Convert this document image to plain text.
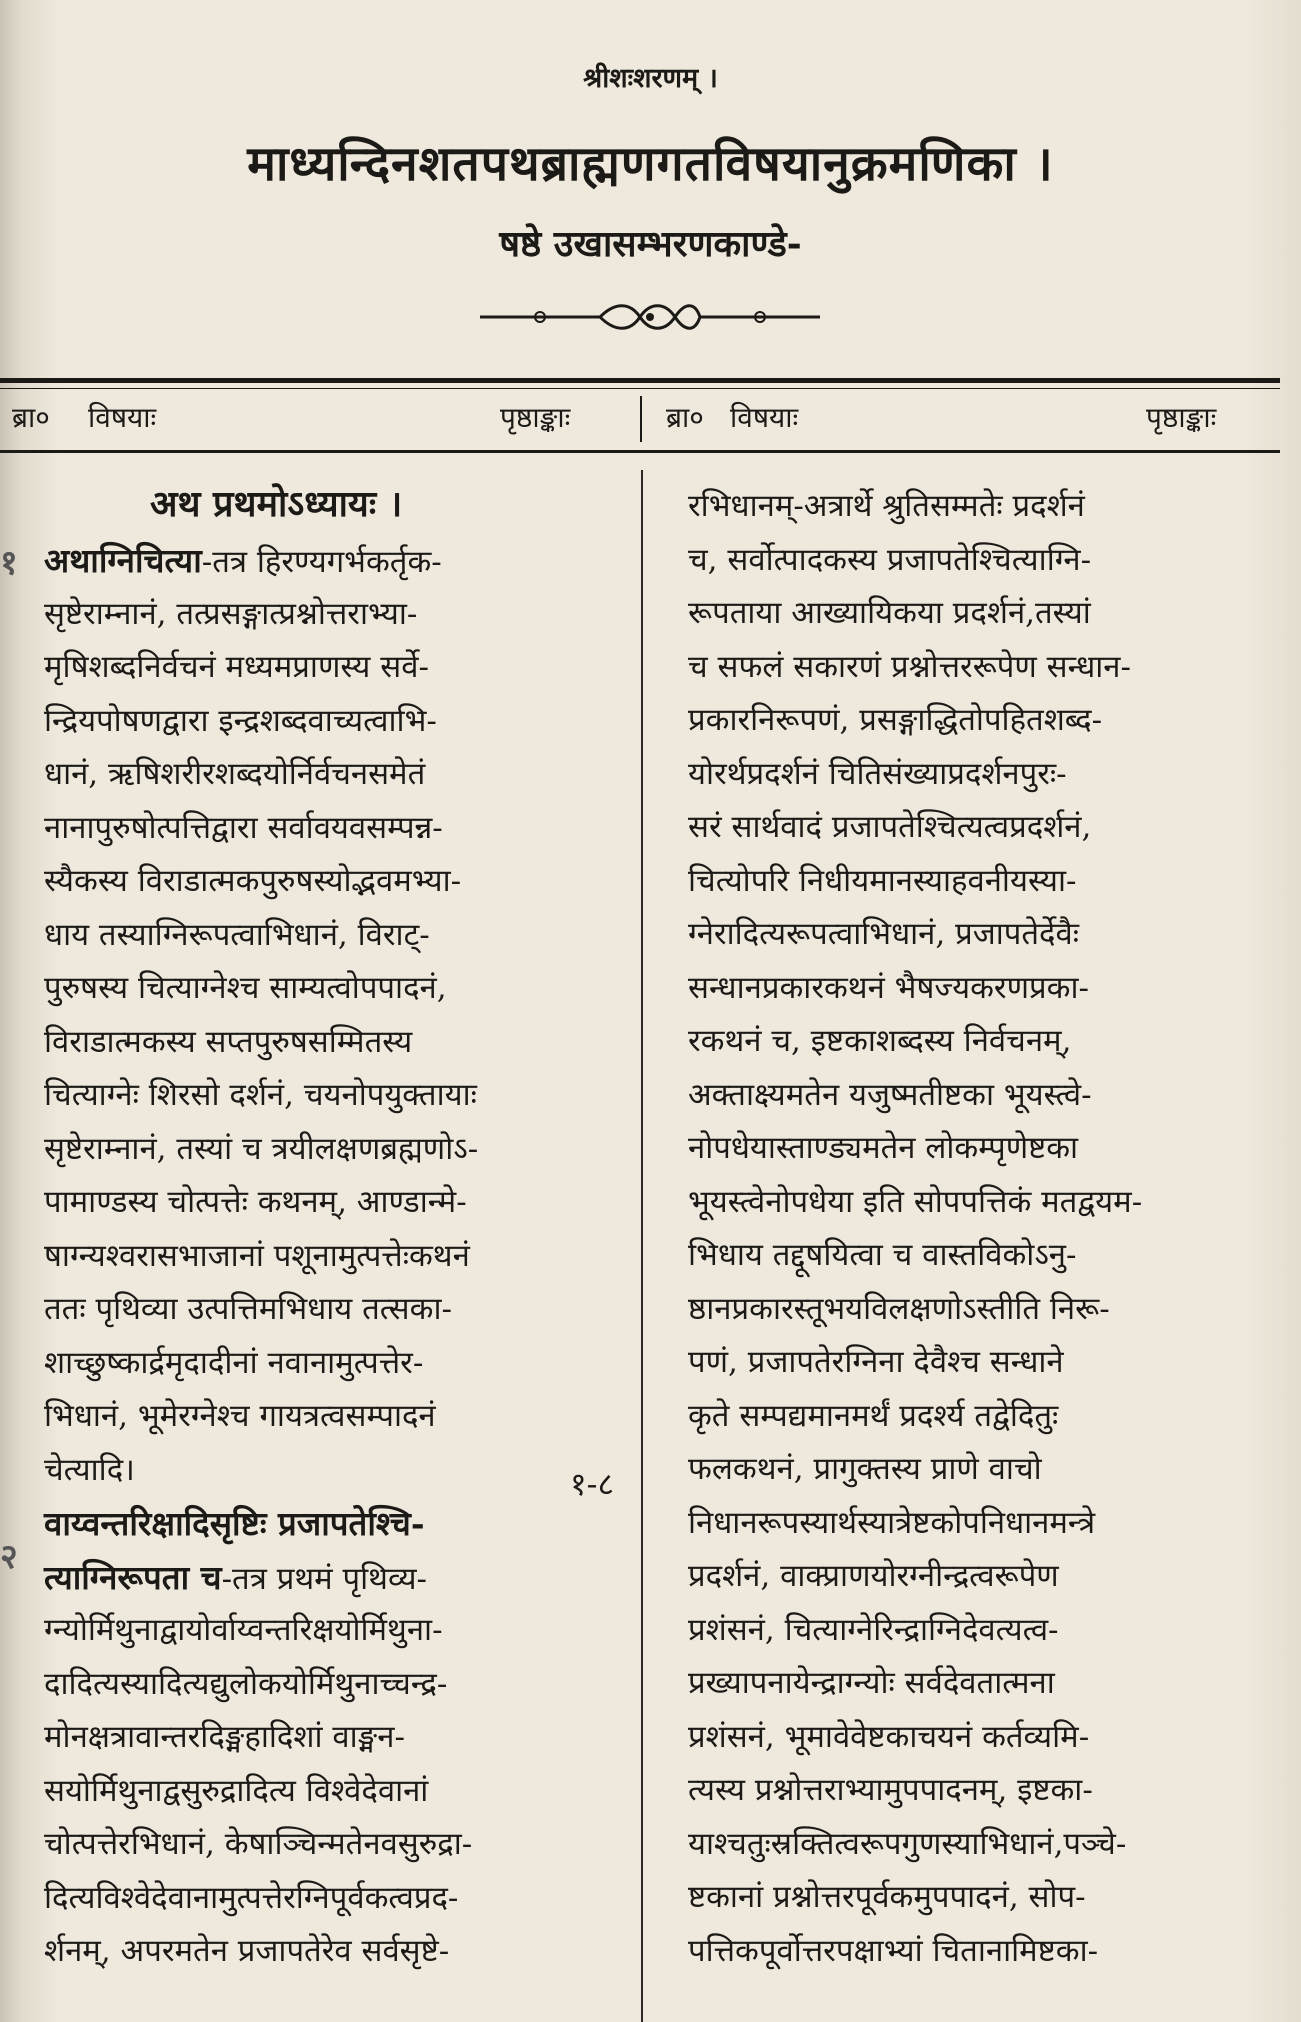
श्रीशःशरणम् ।
माध्यन्दिनशतपथब्राह्मणगतविषयानुक्रमणिका ।
षष्ठे उखासम्भरणकाण्डे-
ब्रा० विषयाः	पृष्ठाङ्काः	ब्रा० विषयाः	पृष्ठाङ्काः
अथ प्रथमोऽध्यायः ।
१ अथाग्निचित्या-तत्र हिरण्यगर्भकर्तृक-
सृष्टेराम्नानं, तत्प्रसङ्गात्प्रश्नोत्तराभ्या-
मृषिशब्दनिर्वचनं मध्यमप्राणस्य सर्वे-
न्द्रियपोषणद्वारा इन्द्रशब्दवाच्यत्वाभि-
धानं, ऋषिशरीरशब्दयोर्निर्वचनसमेतं
नानापुरुषोत्पत्तिद्वारा सर्वावयवसम्पन्न-
स्यैकस्य विराडात्मकपुरुषस्योद्भवमभ्या-
धाय तस्याग्निरूपत्वाभिधानं, विराट्-
पुरुषस्य चित्याग्नेश्च साम्यत्वोपपादनं,
विराडात्मकस्य सप्तपुरुषसम्मितस्य
चित्याग्नेः शिरसो दर्शनं, चयनोपयुक्तायाः
सृष्टेराम्नानं, तस्यां च त्रयीलक्षणब्रह्मणोऽ-
पामाण्डस्य चोत्पत्तेः कथनम्, आण्डान्मे-
षाग्न्यश्वरासभाजानां पशूनामुत्पत्तेःकथनं
ततः पृथिव्या उत्पत्तिमभिधाय तत्सका-
शाच्छुष्कार्द्रमृदादीनां नवानामुत्पत्तेर-
भिधानं, भूमेरग्नेश्च गायत्रत्वसम्पादनं
चेत्यादि।
वाय्वन्तरिक्षादिसृष्टिः प्रजापतेश्चि-
त्याग्निरूपता च-तत्र प्रथमं पृथिव्य-
ग्न्योर्मिथुनाद्वायोर्वाय्वन्तरिक्षयोर्मिथुना-
दादित्यस्यादित्यद्युलोकयोर्मिथुनाच्चन्द्र-
मोनक्षत्रावान्तरदिङ्महादिशां वाङ्मन-
सयोर्मिथुनाद्वसुरुद्रादित्य विश्वेदेवानां
चोत्पत्तेरभिधानं, केषाञ्चिन्मतेनवसुरुद्रा-
दित्यविश्वेदेवानामुत्पत्तेरग्निपूर्वकत्वप्रद-
र्शनम्, अपरमतेन प्रजापतेरेव सर्वसृष्टे-
१-८
२
रभिधानम्-अत्रार्थे श्रुतिसम्मतेः प्रदर्शनं
च, सर्वोत्पादकस्य प्रजापतेश्चित्याग्नि-
रूपताया आख्यायिकया प्रदर्शनं,तस्यां
च सफलं सकारणं प्रश्नोत्तररूपेण सन्धान-
प्रकारनिरूपणं, प्रसङ्गाद्धितोपहितशब्द-
योरर्थप्रदर्शनं चितिसंख्याप्रदर्शनपुरः-
सरं सार्थवादं प्रजापतेश्चित्यत्वप्रदर्शनं,
चित्योपरि निधीयमानस्याहवनीयस्या-
ग्नेरादित्यरूपत्वाभिधानं, प्रजापतेर्देवैः
सन्धानप्रकारकथनं भैषज्यकरणप्रका-
रकथनं च, इष्टकाशब्दस्य निर्वचनम्,
अक्ताक्ष्यमतेन यजुष्मतीष्टका भूयस्त्वे-
नोपधेयास्ताण्ड्यमतेन लोकम्पृणेष्टका
भूयस्त्वेनोपधेया इति सोपपत्तिकं मतद्वयम-
भिधाय तद्दूषयित्वा च वास्तविकोऽनु-
ष्ठानप्रकारस्तूभयविलक्षणोऽस्तीति निरू-
पणं, प्रजापतेरग्निना देवैश्च सन्धाने
कृते सम्पद्यमानमर्थं प्रदर्श्य तद्वेदितुः
फलकथनं, प्रागुक्तस्य प्राणे वाचो
निधानरूपस्यार्थस्यात्रेष्टकोपनिधानमन्त्रे
प्रदर्शनं, वाक्प्राणयोरग्नीन्द्रत्वरूपेण
प्रशंसनं, चित्याग्नेरिन्द्राग्निदेवत्यत्व-
प्रख्यापनायेन्द्राग्न्योः सर्वदेवतात्मना
प्रशंसनं, भूमावेवेष्टकाचयनं कर्तव्यमि-
त्यस्य प्रश्नोत्तराभ्यामुपपादनम्, इष्टका-
याश्चतुःस्रक्तित्वरूपगुणस्याभिधानं,पञ्चे-
ष्टकानां प्रश्नोत्तरपूर्वकमुपपादनं, सोप-
पत्तिकपूर्वोत्तरपक्षाभ्यां चितानामिष्टका-
